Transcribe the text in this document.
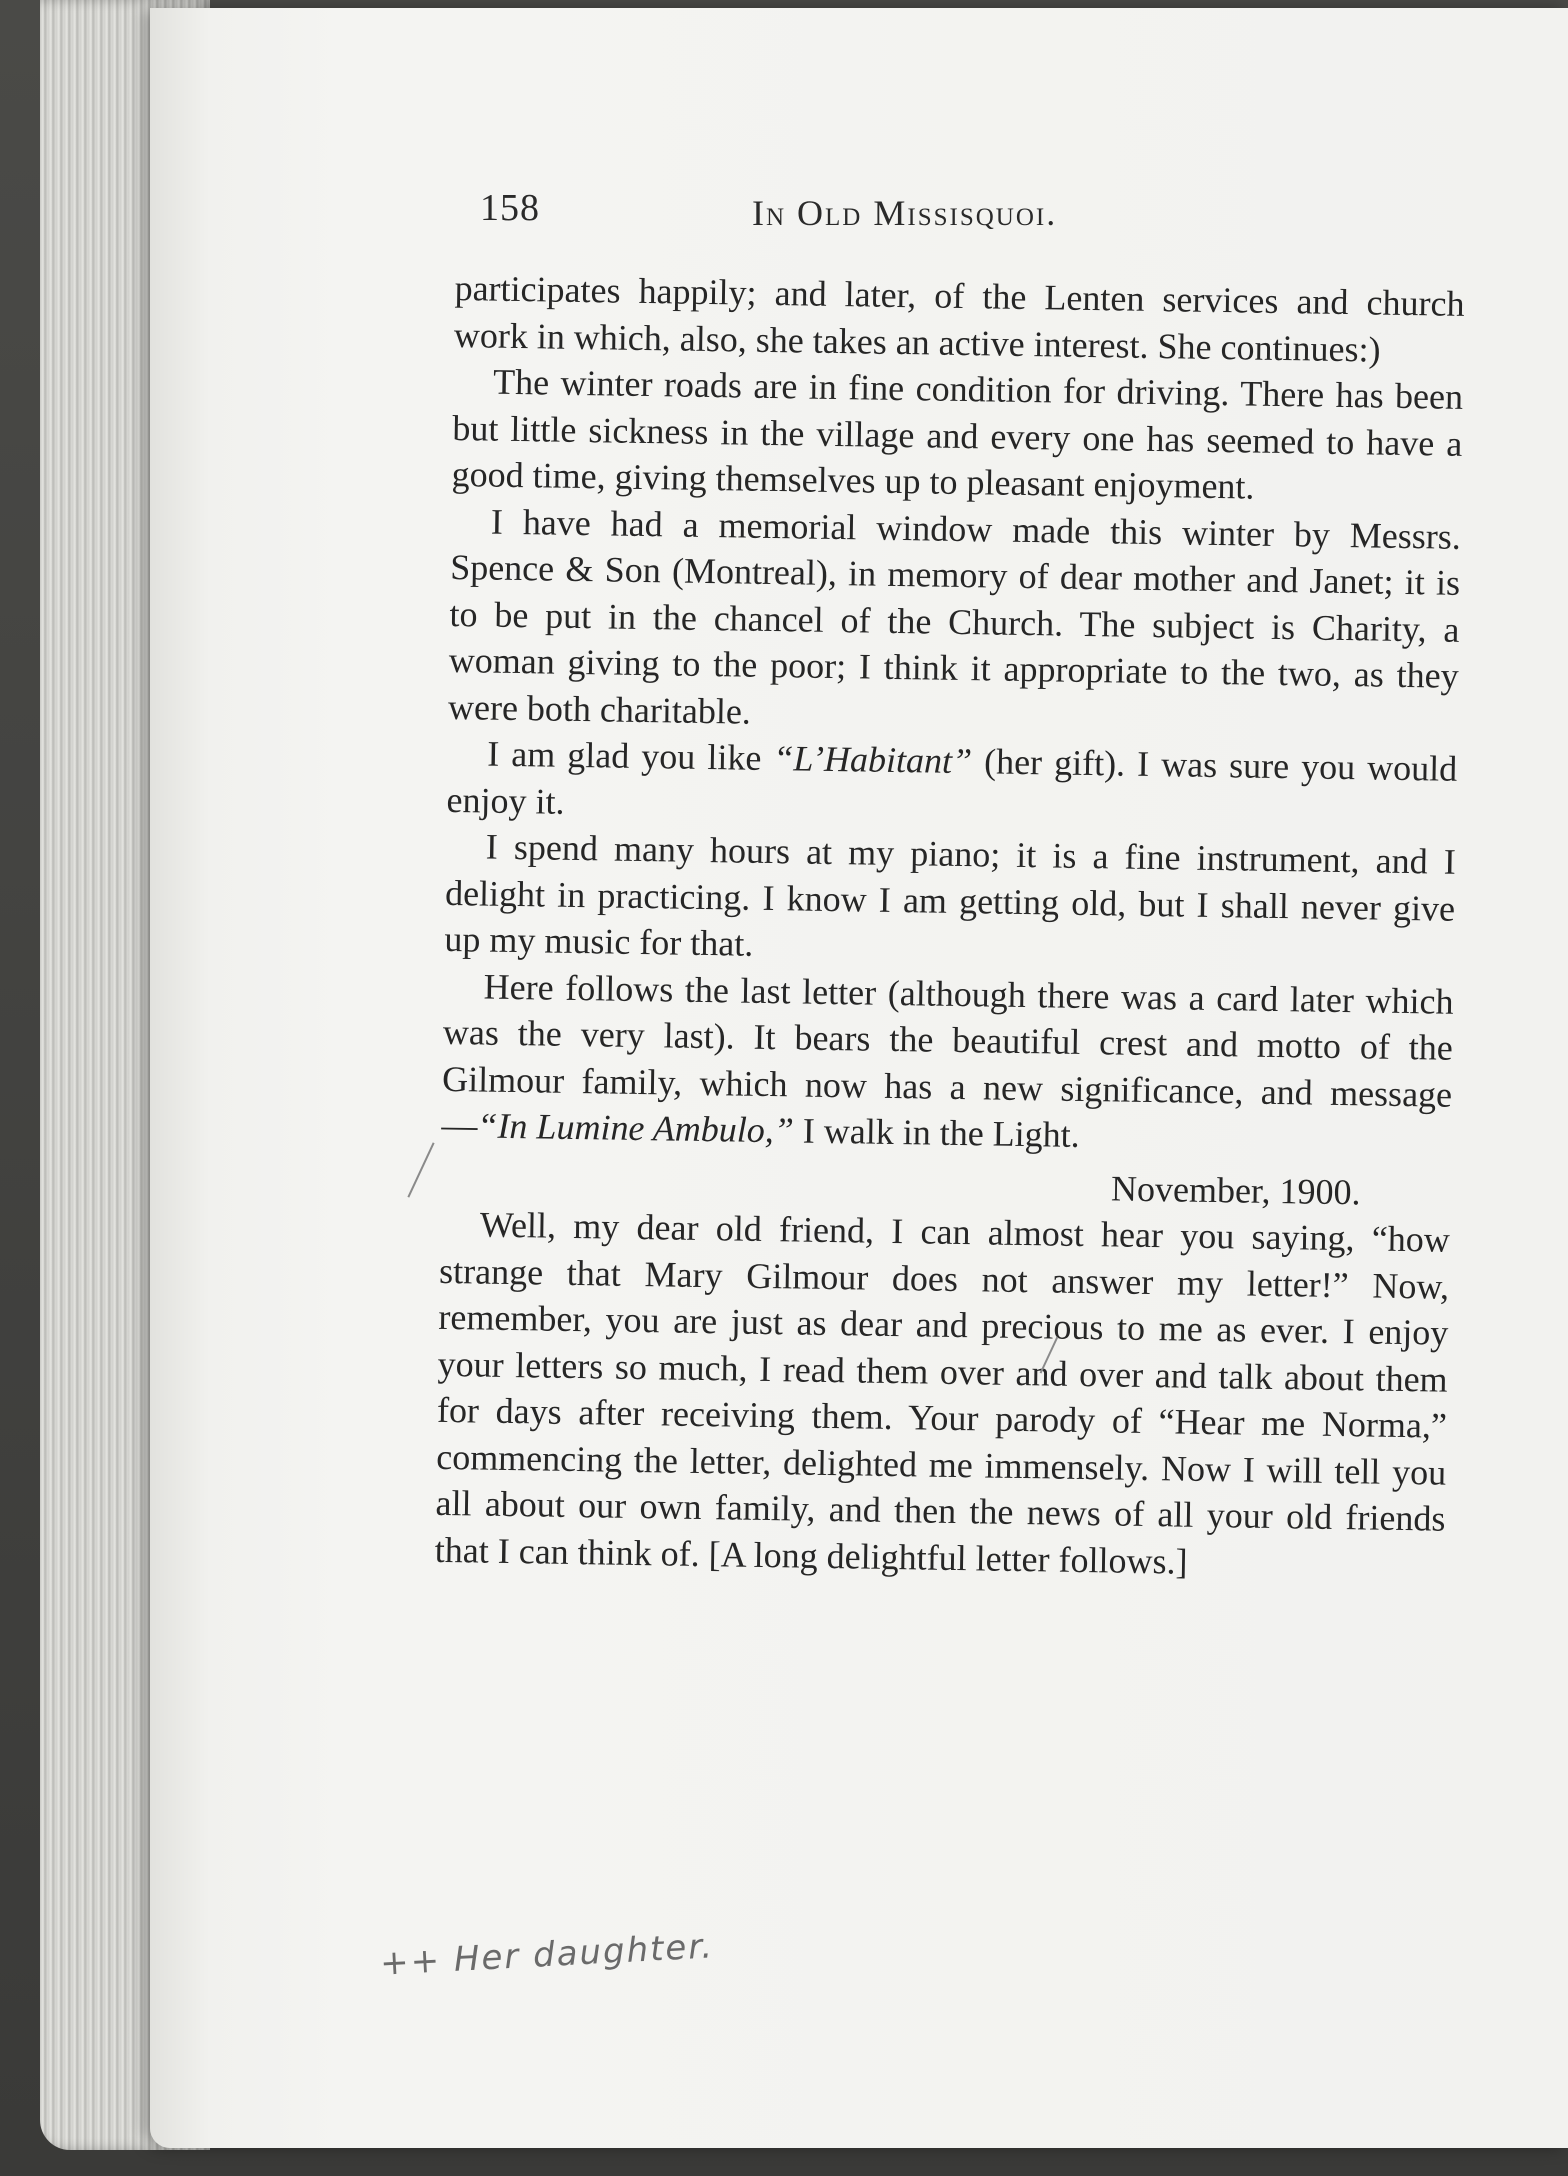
158	In Old Missisquoi.

participates happily; and later, of the Lenten services and church work in which, also, she takes an active interest. She continues:)

The winter roads are in fine condition for driving. There has been but little sickness in the village and every one has seemed to have a good time, giving themselves up to pleasant enjoyment.

I have had a memorial window made this winter by Messrs. Spence & Son (Montreal), in memory of dear mother and Janet; it is to be put in the chancel of the Church. The subject is Charity, a woman giving to the poor; I think it appropriate to the two, as they were both charitable.

I am glad you like “L’Habitant” (her gift). I was sure you would enjoy it.

I spend many hours at my piano; it is a fine instrument, and I delight in practicing. I know I am getting old, but I shall never give up my music for that.

Here follows the last letter (although there was a card later which was the very last). It bears the beautiful crest and motto of the Gilmour family, which now has a new significance, and message—“In Lumine Ambulo,” I walk in the Light.

November, 1900.

Well, my dear old friend, I can almost hear you saying, “how strange that Mary Gilmour does not answer my letter!” Now, remember, you are just as dear and precious to me as ever. I enjoy your letters so much, I read them over and over and talk about them for days after receiving them. Your parody of “Hear me Norma,” commencing the letter, delighted me immensely. Now I will tell you all about our own family, and then the news of all your old friends that I can think of. [A long delightful letter follows.]

++ Her daughter.
